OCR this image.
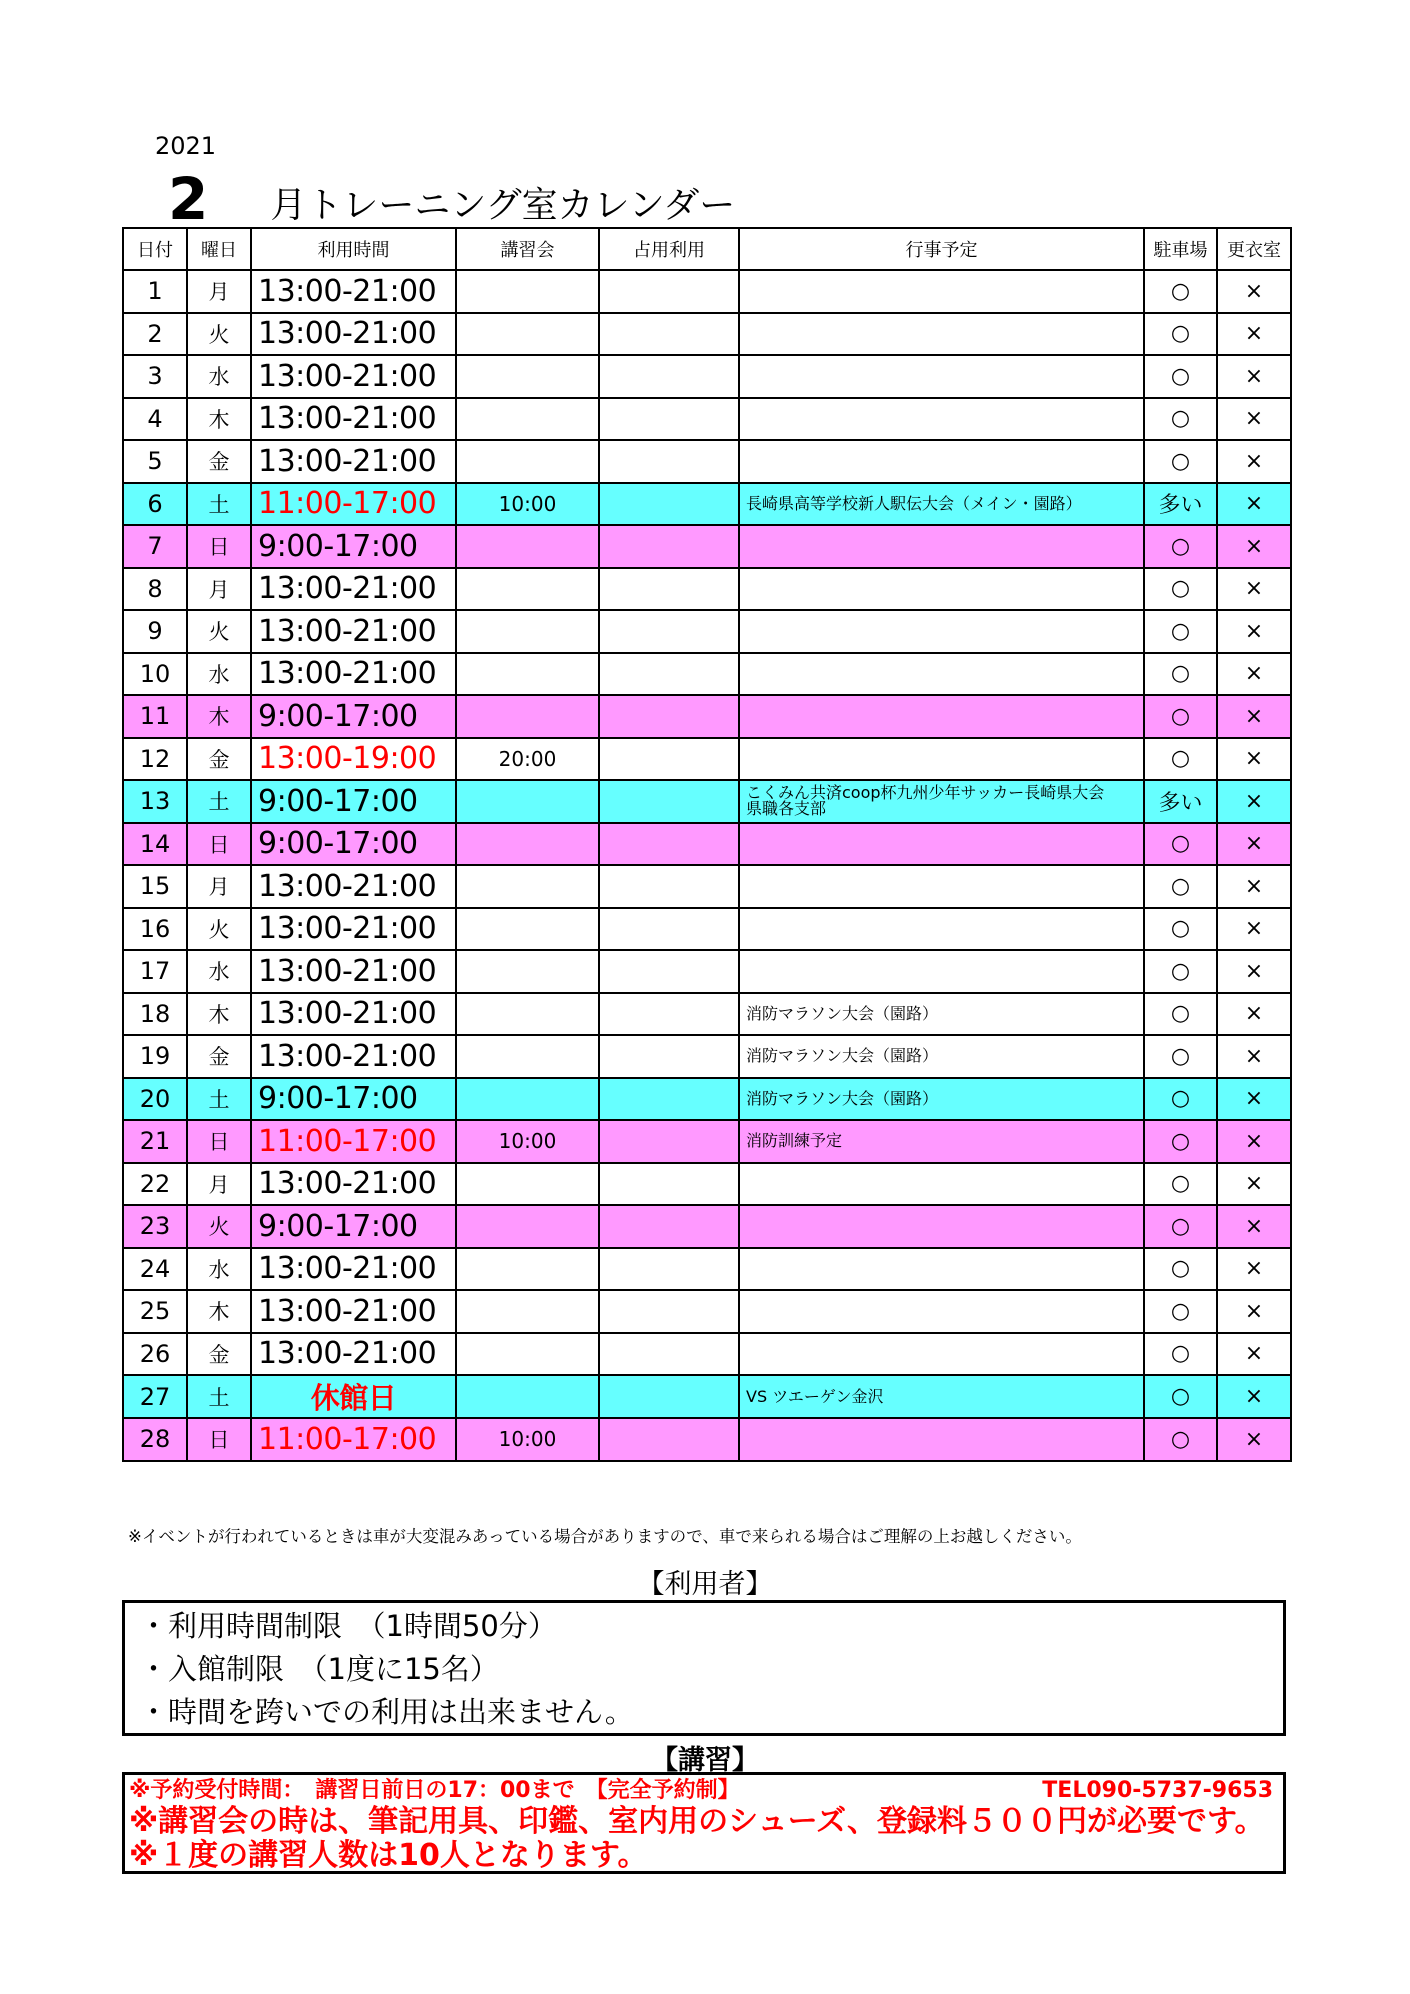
2021
2 月トレーニング室カレンダー
日付	曜日	利用時間	講習会	占用利用	行事予定	駐車場	更衣室
1	月	13:00-21:00				○	×
2	火	13:00-21:00				○	×
3	水	13:00-21:00				○	×
4	木	13:00-21:00				○	×
5	金	13:00-21:00				○	×
6	土	11:00-17:00	10:00		長崎県高等学校新人駅伝大会（メイン・園路）	多い	×
7	日	9:00-17:00				○	×
8	月	13:00-21:00				○	×
9	火	13:00-21:00				○	×
10	水	13:00-21:00				○	×
11	木	9:00-17:00				○	×
12	金	13:00-19:00	20:00			○	×
13	土	9:00-17:00			こくみん共済coop杯九州少年サッカー長崎県大会
県職各支部	多い	×
14	日	9:00-17:00				○	×
15	月	13:00-21:00				○	×
16	火	13:00-21:00				○	×
17	水	13:00-21:00				○	×
18	木	13:00-21:00			消防マラソン大会（園路）	○	×
19	金	13:00-21:00			消防マラソン大会（園路）	○	×
20	土	9:00-17:00			消防マラソン大会（園路）	○	×
21	日	11:00-17:00	10:00		消防訓練予定	○	×
22	月	13:00-21:00				○	×
23	火	9:00-17:00				○	×
24	水	13:00-21:00				○	×
25	木	13:00-21:00				○	×
26	金	13:00-21:00				○	×
27	土	休館日			VS ツエーゲン金沢	○	×
28	日	11:00-17:00	10:00			○	×
※イベントが行われているときは車が大変混みあっている場合がありますので、車で来られる場合はご理解の上お越しください。
【利用者】
・利用時間制限　（1時間50分）
・入館制限　（1度に15名）
・時間を跨いでの利用は出来ません。
【講習】
※予約受付時間：　講習日前日の17：00まで　【完全予約制】	TEL090-5737-9653
※講習会の時は、筆記用具、印鑑、室内用のシューズ、登録料５００円が必要です。
※１度の講習人数は10人となります。
